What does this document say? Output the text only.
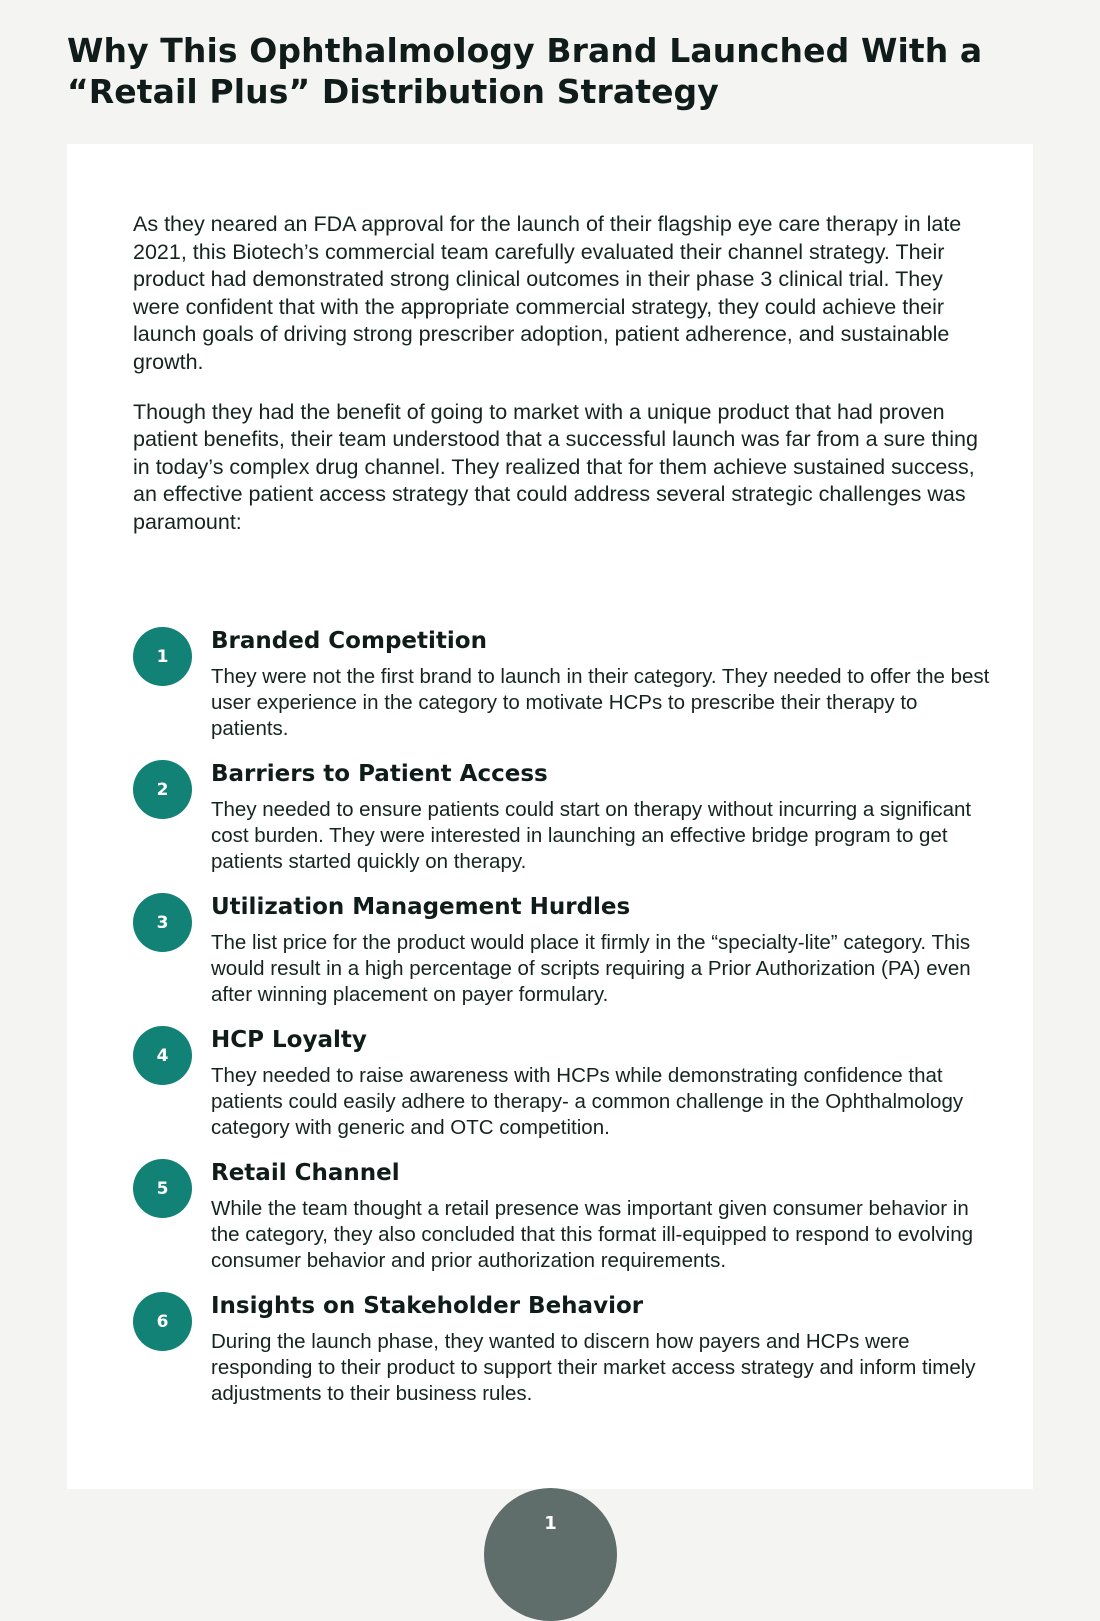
Why This Ophthalmology Brand Launched With a “Retail Plus” Distribution Strategy

As they neared an FDA approval for the launch of their flagship eye care therapy in late 2021, this Biotech’s commercial team carefully evaluated their channel strategy. Their product had demonstrated strong clinical outcomes in their phase 3 clinical trial. They were confident that with the appropriate commercial strategy, they could achieve their launch goals of driving strong prescriber adoption, patient adherence, and sustainable growth.

Though they had the benefit of going to market with a unique product that had proven patient benefits, their team understood that a successful launch was far from a sure thing in today’s complex drug channel. They realized that for them achieve sustained success, an effective patient access strategy that could address several strategic challenges was paramount:

1
Branded Competition

They were not the first brand to launch in their category. They needed to offer the best user experience in the category to motivate HCPs to prescribe their therapy to patients.

2
Barriers to Patient Access

They needed to ensure patients could start on therapy without incurring a significant cost burden. They were interested in launching an effective bridge program to get patients started quickly on therapy.

3
Utilization Management Hurdles

The list price for the product would place it firmly in the “specialty-lite” category. This would result in a high percentage of scripts requiring a Prior Authorization (PA) even after winning placement on payer formulary.

4
HCP Loyalty

They needed to raise awareness with HCPs while demonstrating confidence that patients could easily adhere to therapy- a common challenge in the Ophthalmology category with generic and OTC competition.

5
Retail Channel

While the team thought a retail presence was important given consumer behavior in the category, they also concluded that this format ill-equipped to respond to evolving consumer behavior and prior authorization requirements.

6
Insights on Stakeholder Behavior

During the launch phase, they wanted to discern how payers and HCPs were responding to their product to support their market access strategy and inform timely adjustments to their business rules.

1
